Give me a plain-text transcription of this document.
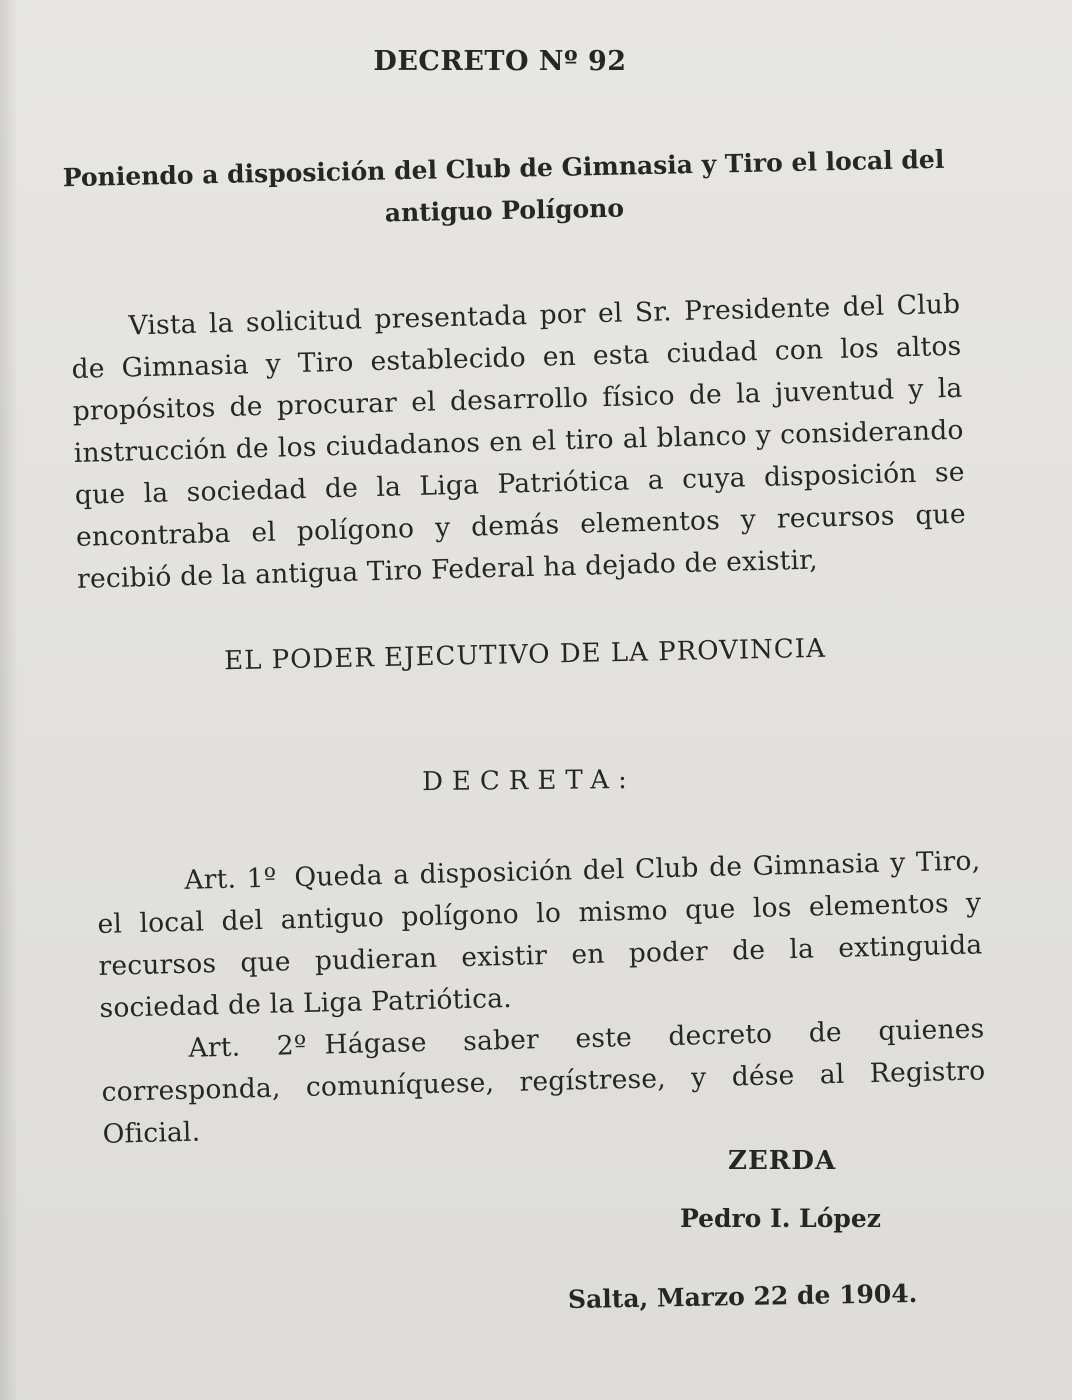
DECRETO Nº 92
Poniendo a disposición del Club de Gimnasia y Tiro el local del antiguo Polígono

Vista la solicitud presentada por el Sr. Presidente del Club de Gimnasia y Tiro establecido en esta ciudad con los altos propósitos de procurar el desarrollo físico de la juventud y la instrucción de los ciudadanos en el tiro al blanco y considerando que la sociedad de la Liga Patriótica a cuya disposición se encontraba el polígono y demás elementos y recursos que recibió de la antigua Tiro Federal ha dejado de existir,

EL PODER EJECUTIVO DE LA PROVINCIA
DECRETA:

Art. 1º Queda a disposición del Club de Gimnasia y Tiro, el local del antiguo polígono lo mismo que los elementos y recursos que pudieran existir en poder de la extinguida sociedad de la Liga Patriótica.

Art. 2º Hágase saber este decreto de quienes corresponda, comuníquese, regístrese, y dése al Registro Oficial.

ZERDA
Pedro I. López
Salta, Marzo 22 de 1904.
